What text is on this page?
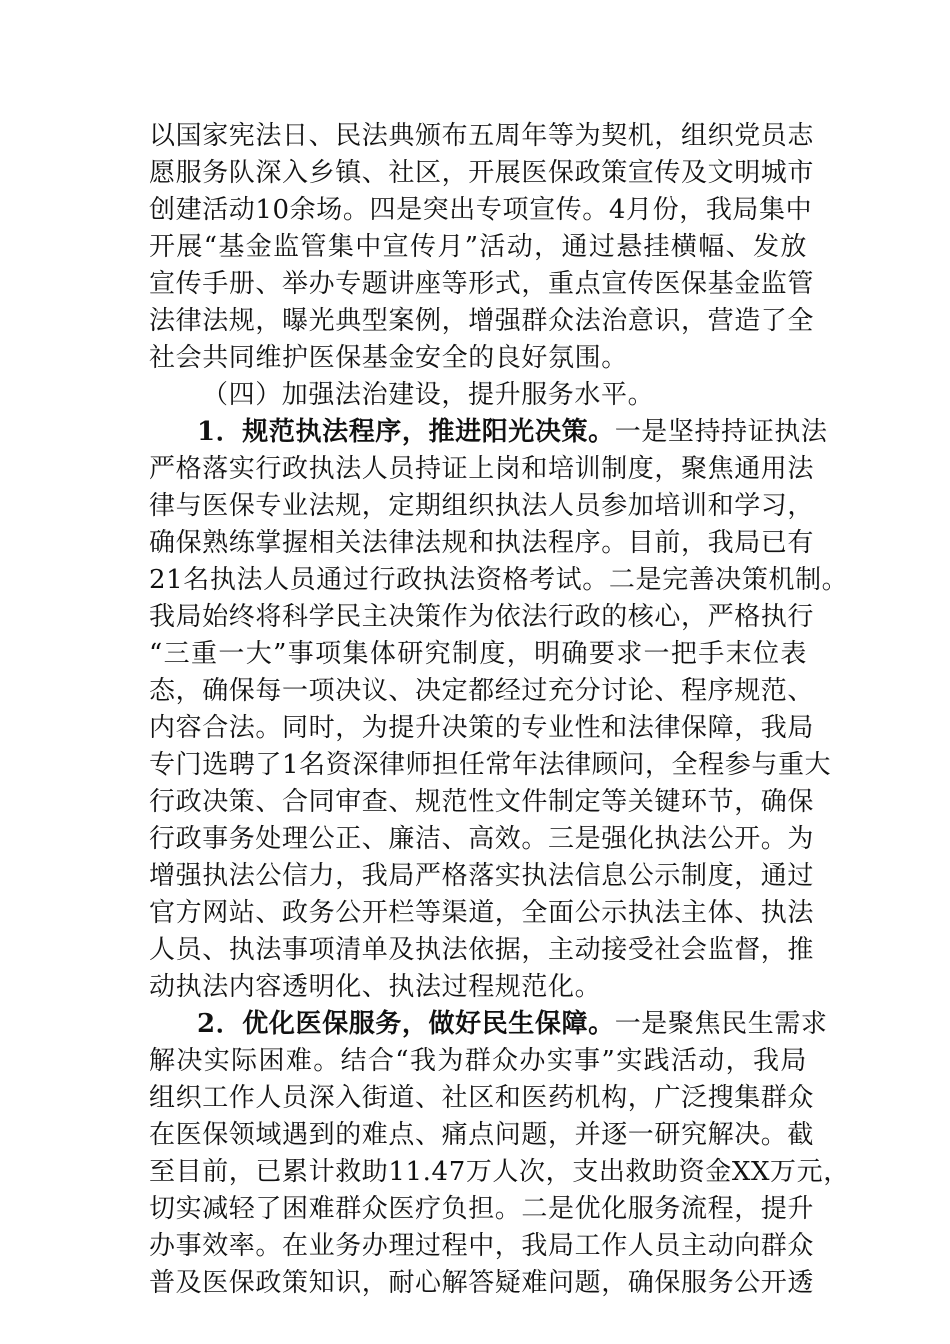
以国家宪法日、民法典颁布五周年等为契机，组织党员志
愿服务队深入乡镇、社区，开展医保政策宣传及文明城市
创建活动10余场。四是突出专项宣传。4月份，我局集中
开展“基金监管集中宣传月”活动，通过悬挂横幅、发放
宣传手册、举办专题讲座等形式，重点宣传医保基金监管
法律法规，曝光典型案例，增强群众法治意识，营造了全
社会共同维护医保基金安全的良好氛围。
（四）加强法治建设，提升服务水平。
1．规范执法程序，推进阳光决策。一是坚持持证执法
严格落实行政执法人员持证上岗和培训制度，聚焦通用法
律与医保专业法规，定期组织执法人员参加培训和学习，
确保熟练掌握相关法律法规和执法程序。目前，我局已有
21名执法人员通过行政执法资格考试。二是完善决策机制。
我局始终将科学民主决策作为依法行政的核心，严格执行
“三重一大”事项集体研究制度，明确要求一把手末位表
态，确保每一项决议、决定都经过充分讨论、程序规范、
内容合法。同时，为提升决策的专业性和法律保障，我局
专门选聘了1名资深律师担任常年法律顾问，全程参与重大
行政决策、合同审查、规范性文件制定等关键环节，确保
行政事务处理公正、廉洁、高效。三是强化执法公开。为
增强执法公信力，我局严格落实执法信息公示制度，通过
官方网站、政务公开栏等渠道，全面公示执法主体、执法
人员、执法事项清单及执法依据，主动接受社会监督，推
动执法内容透明化、执法过程规范化。
2．优化医保服务，做好民生保障。一是聚焦民生需求
解决实际困难。结合“我为群众办实事”实践活动，我局
组织工作人员深入街道、社区和医药机构，广泛搜集群众
在医保领域遇到的难点、痛点问题，并逐一研究解决。截
至目前，已累计救助11.47万人次，支出救助资金XX万元，
切实减轻了困难群众医疗负担。二是优化服务流程，提升
办事效率。在业务办理过程中，我局工作人员主动向群众
普及医保政策知识，耐心解答疑难问题，确保服务公开透
